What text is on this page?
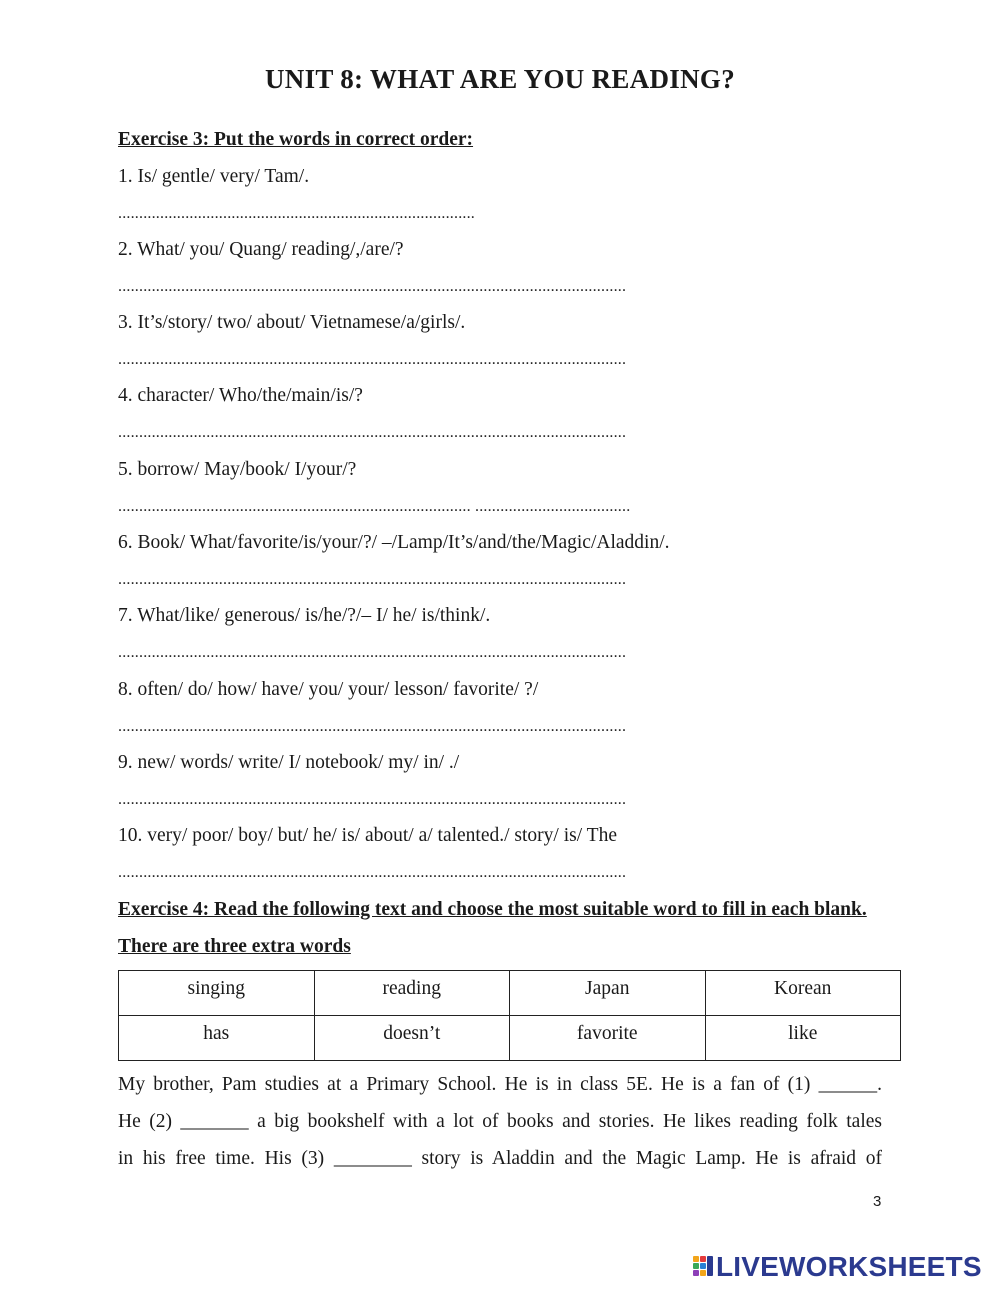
UNIT 8: WHAT ARE YOU READING?

Exercise 3: Put the words in correct order:

1. Is/ gentle/ very/ Tam/.

.....................................................................................

2. What/ you/ Quang/ reading/,/are/?

.........................................................................................................................

3. It’s/story/ two/ about/ Vietnamese/a/girls/.

.........................................................................................................................

4. character/ Who/the/main/is/?

.........................................................................................................................

5. borrow/ May/book/ I/your/?

.................................................................................... .....................................

6. Book/ What/favorite/is/your/?/ –/Lamp/It’s/and/the/Magic/Aladdin/.

.........................................................................................................................

7. What/like/ generous/ is/he/?/– I/ he/ is/think/.

.........................................................................................................................

8. often/ do/ how/ have/ you/ your/ lesson/ favorite/ ?/

.........................................................................................................................

9. new/ words/ write/ I/ notebook/ my/ in/ ./

.........................................................................................................................

10. very/ poor/ boy/ but/ he/ is/ about/ a/ talented./ story/ is/ The

.........................................................................................................................

Exercise 4: Read the following text and choose the most suitable word to fill in each blank. There are three extra words

singing	reading	Japan	Korean
has	doesn’t	favorite	like

My brother, Pam studies at a Primary School. He is in class 5E. He is a fan of (1) ______.
He (2) _______ a big bookshelf with a lot of books and stories. He likes reading folk tales
in his free time. His (3) ________ story is Aladdin and the Magic Lamp. He is afraid of

3
LIVEWORKSHEETS
